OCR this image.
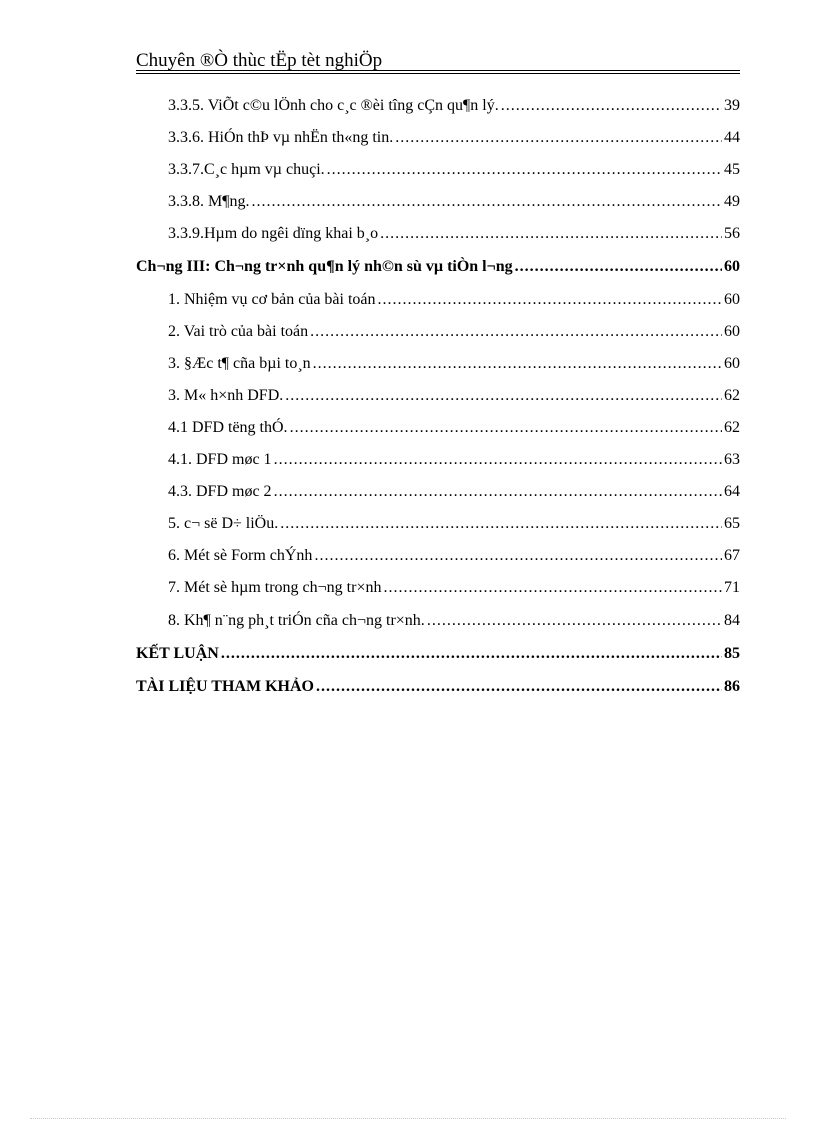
Chuyên ®Ò thùc tËp tèt nghiÖp
3.3.5. ViÕt c©u lÖnh cho c¸c ®èi tîng cÇn qu¶n lý. .....	39
3.3.6. HiÓn thÞ vµ nhËn th«ng tin. .....	44
3.3.7.C¸c hµm vµ chuçi. .....	45
3.3.8. M¶ng. .....	49
3.3.9.Hµm do ngêi dïng khai b¸o .....	56
Ch¬ng III: Ch¬ng tr×nh qu¶n lý nh©n sù vµ tiÒn l¬ng .....	60
1. Nhiệm vụ cơ bản của bài toán .....	60
2. Vai trò của bài toán .....	60
3. §Æc t¶ cña bµi to¸n .....	60
3. M« h×nh DFD. .....	62
4.1 DFD tëng thÓ. .....	62
4.1. DFD møc 1 .....	63
4.3. DFD møc 2 .....	64
5. c¬ së D÷ liÖu. .....	65
6. Mét sè Form chÝnh .....	67
7. Mét sè hµm trong ch¬ng tr×nh .....	71
8. Kh¶ n¨ng ph¸t triÓn cña ch¬ng tr×nh. .....	84
KẾT LUẬN .....	85
TÀI LIỆU THAM KHẢO .....	86
